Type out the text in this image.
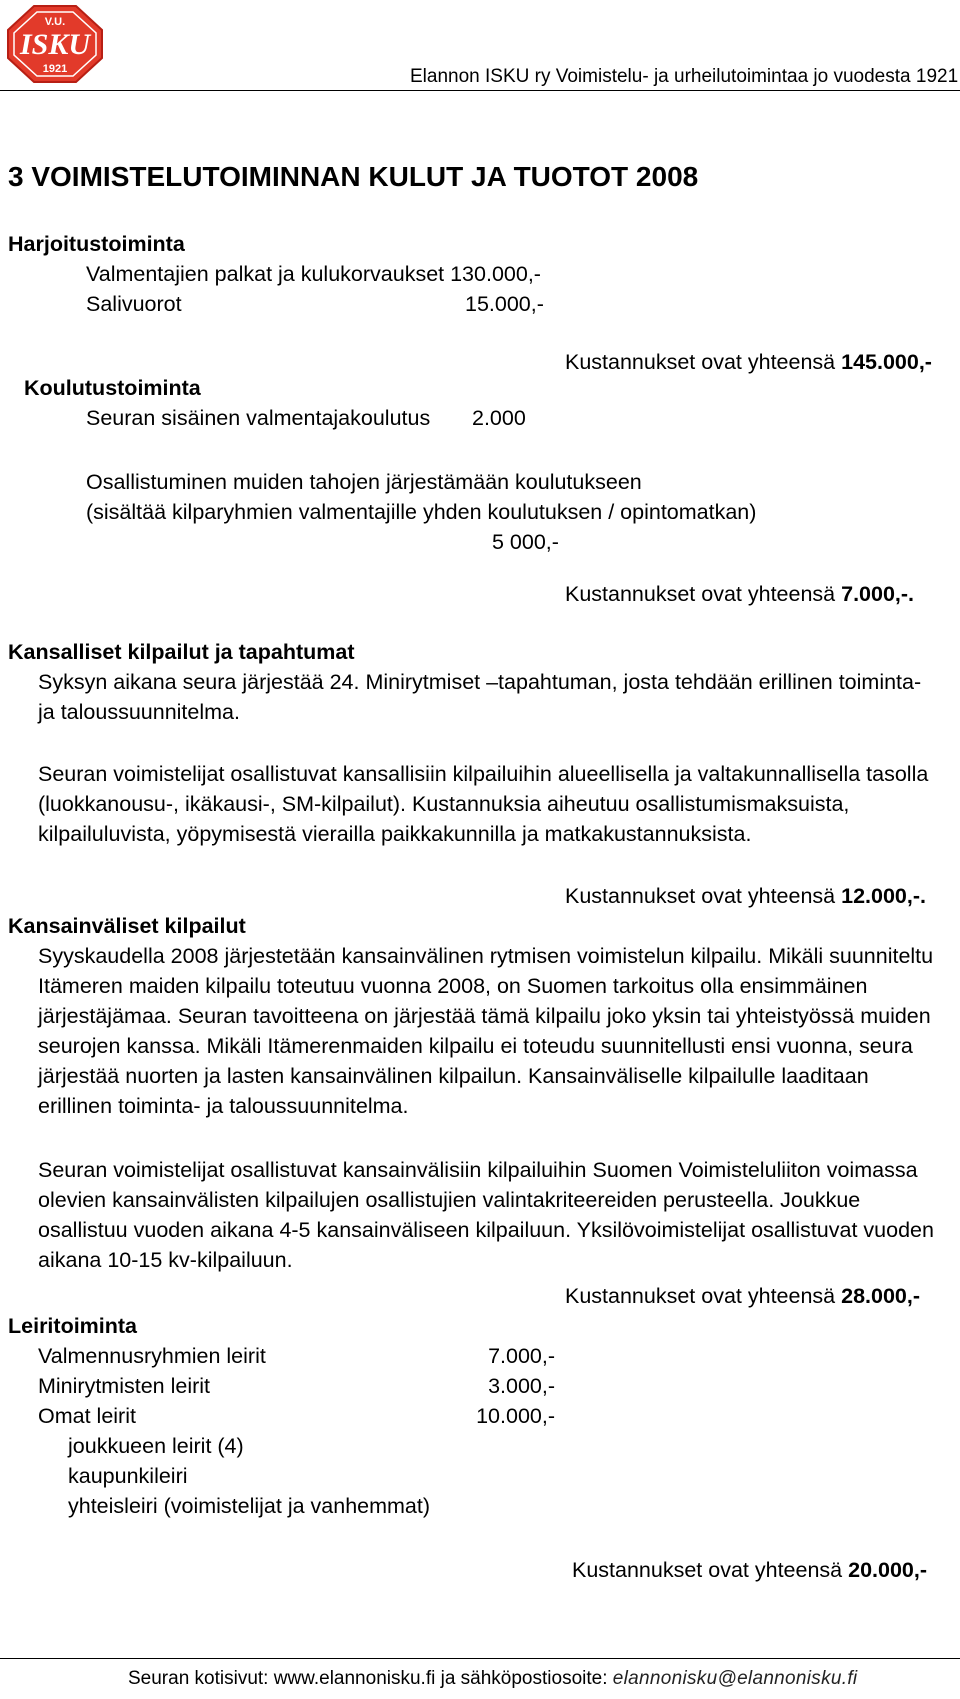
V.U.
ISKU
1921	Elannon ISKU ry Voimistelu- ja urheilutoimintaa jo vuodesta 1921
3 VOIMISTELUTOIMINNAN KULUT JA TUOTOT 2008
Harjoitustoiminta
Valmentajien palkat ja kulukorvaukset 130.000,-
Salivuorot	15.000,-
Kustannukset ovat yhteensä 145.000,-
Koulutustoiminta
Seuran sisäinen valmentajakoulutus 2.000
Osallistuminen muiden tahojen järjestämään koulutukseen
(sisältää kilparyhmien valmentajille yhden koulutuksen / opintomatkan)
5 000,-
Kustannukset ovat yhteensä 7.000,-.
Kansalliset kilpailut ja tapahtumat
Syksyn aikana seura järjestää 24. Minirytmiset –tapahtuman, josta tehdään erillinen toiminta-
ja taloussuunnitelma.
Seuran voimistelijat osallistuvat kansallisiin kilpailuihin alueellisella ja valtakunnallisella tasolla
(luokkanousu-, ikäkausi-, SM-kilpailut). Kustannuksia aiheutuu osallistumismaksuista,
kilpailuluvista, yöpymisestä vierailla paikkakunnilla ja matkakustannuksista.
Kustannukset ovat yhteensä 12.000,-.
Kansainväliset kilpailut
Syyskaudella 2008 järjestetään kansainvälinen rytmisen voimistelun kilpailu. Mikäli suunniteltu
Itämeren maiden kilpailu toteutuu vuonna 2008, on Suomen tarkoitus olla ensimmäinen
järjestäjämaa. Seuran tavoitteena on järjestää tämä kilpailu joko yksin tai yhteistyössä muiden
seurojen kanssa. Mikäli Itämerenmaiden kilpailu ei toteudu suunnitellusti ensi vuonna, seura
järjestää nuorten ja lasten kansainvälinen kilpailun. Kansainväliselle kilpailulle laaditaan
erillinen toiminta- ja taloussuunnitelma.
Seuran voimistelijat osallistuvat kansainvälisiin kilpailuihin Suomen Voimisteluliiton voimassa
olevien kansainvälisten kilpailujen osallistujien valintakriteereiden perusteella. Joukkue
osallistuu vuoden aikana 4-5 kansainväliseen kilpailuun. Yksilövoimistelijat osallistuvat vuoden
aikana 10-15 kv-kilpailuun.
Kustannukset ovat yhteensä 28.000,-
Leiritoiminta
Valmennusryhmien leirit	7.000,-
Minirytmisten leirit	3.000,-
Omat leirit	10.000,-
joukkueen leirit (4)
kaupunkileiri
yhteisleiri (voimistelijat ja vanhemmat)
Kustannukset ovat yhteensä 20.000,-
Seuran kotisivut: www.elannonisku.fi ja sähköpostiosoite: elannonisku@elannonisku.fi
